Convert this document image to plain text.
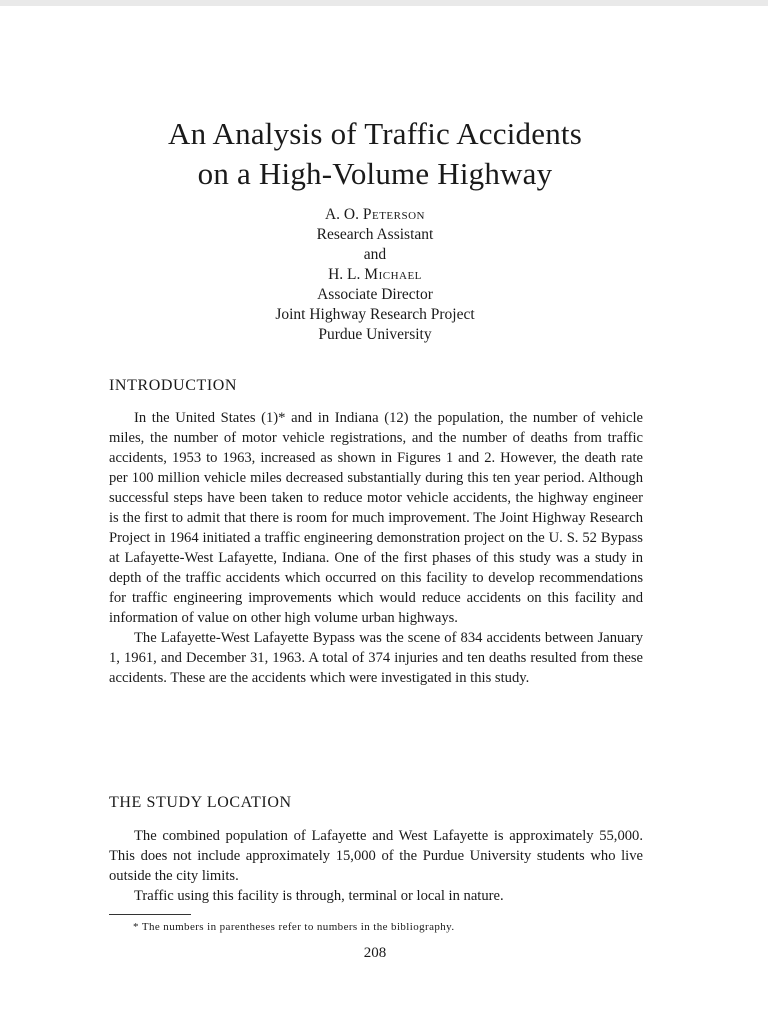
An Analysis of Traffic Accidents
on a High-Volume Highway
A. O. Peterson
Research Assistant
and
H. L. Michael
Associate Director
Joint Highway Research Project
Purdue University
INTRODUCTION

In the United States (1)* and in Indiana (12) the population, the number of vehicle miles, the number of motor vehicle registrations, and the number of deaths from traffic accidents, 1953 to 1963, increased as shown in Figures 1 and 2. However, the death rate per 100 million vehicle miles decreased substantially during this ten year period. Although successful steps have been taken to reduce motor vehicle accidents, the highway engineer is the first to admit that there is room for much improvement. The Joint Highway Research Project in 1964 initiated a traffic engineering demonstration project on the U. S. 52 Bypass at Lafayette-West Lafayette, Indiana. One of the first phases of this study was a study in depth of the traffic accidents which occurred on this facility to develop recommendations for traffic engineering improvements which would reduce accidents on this facility and information of value on other high volume urban highways.

The Lafayette-West Lafayette Bypass was the scene of 834 accidents between January 1, 1961, and December 31, 1963. A total of 374 injuries and ten deaths resulted from these accidents. These are the accidents which were investigated in this study.

THE STUDY LOCATION

The combined population of Lafayette and West Lafayette is approximately 55,000. This does not include approximately 15,000 of the Purdue University students who live outside the city limits.

Traffic using this facility is through, terminal or local in nature.

* The numbers in parentheses refer to numbers in the bibliography.
208
